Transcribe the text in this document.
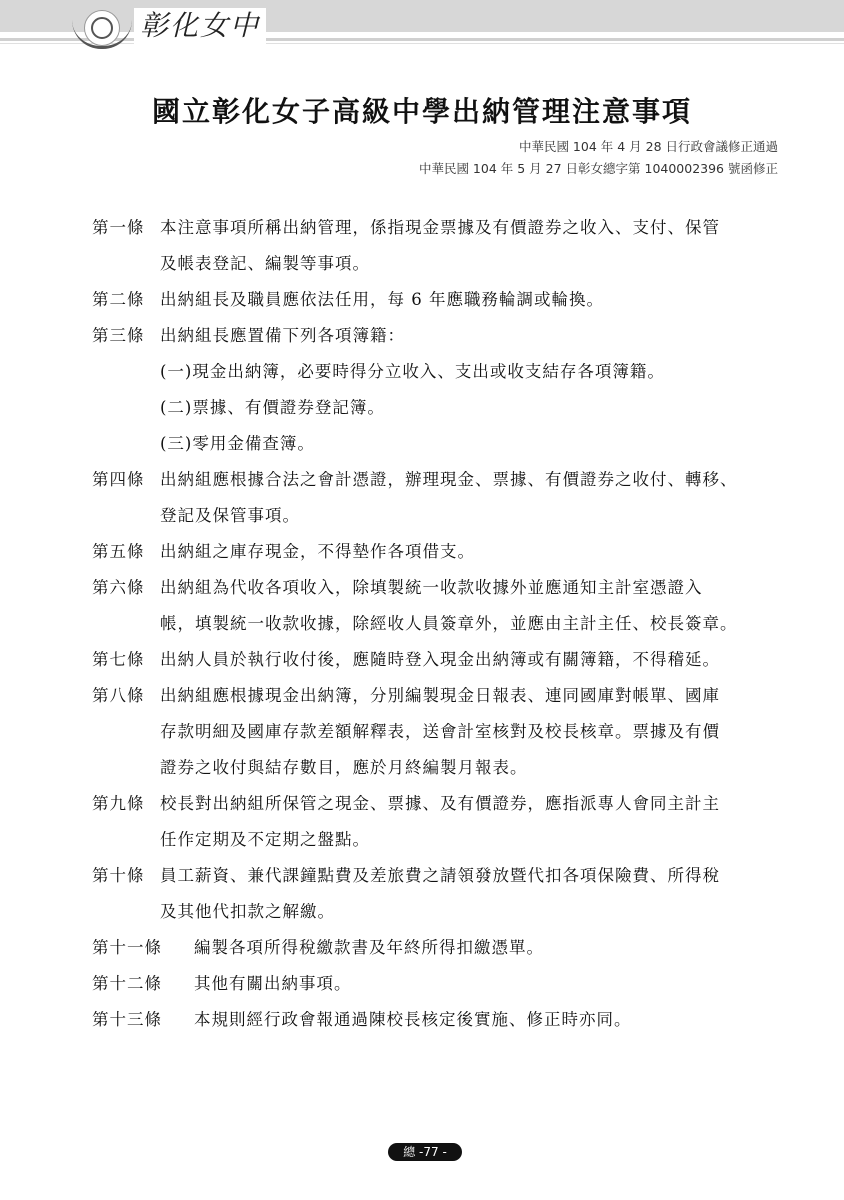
彰化女中
國立彰化女子高級中學出納管理注意事項
中華民國 104 年 4 月 28 日行政會議修正通過
中華民國 104 年 5 月 27 日彰女總字第 1040002396 號函修正
第一條 本注意事項所稱出納管理，係指現金票據及有價證券之收入、支付、保管
及帳表登記、編製等事項。
第二條 出納組長及職員應依法任用，每 6 年應職務輪調或輪換。
第三條 出納組長應置備下列各項簿籍：
(一)現金出納簿，必要時得分立收入、支出或收支結存各項簿籍。
(二)票據、有價證券登記簿。
(三)零用金備查簿。
第四條 出納組應根據合法之會計憑證，辦理現金、票據、有價證券之收付、轉移、
登記及保管事項。
第五條 出納組之庫存現金，不得墊作各項借支。
第六條 出納組為代收各項收入，除填製統一收款收據外並應通知主計室憑證入
帳，填製統一收款收據，除經收人員簽章外，並應由主計主任、校長簽章。
第七條 出納人員於執行收付後，應隨時登入現金出納簿或有關簿籍，不得稽延。
第八條 出納組應根據現金出納簿，分別編製現金日報表、連同國庫對帳單、國庫
存款明細及國庫存款差額解釋表，送會計室核對及校長核章。票據及有價
證券之收付與結存數目，應於月終編製月報表。
第九條 校長對出納組所保管之現金、票據、及有價證券，應指派專人會同主計主
任作定期及不定期之盤點。
第十條 員工薪資、兼代課鐘點費及差旅費之請領發放暨代扣各項保險費、所得稅
及其他代扣款之解繳。
第十一條 編製各項所得稅繳款書及年終所得扣繳憑單。
第十二條 其他有關出納事項。
第十三條 本規則經行政會報通過陳校長核定後實施、修正時亦同。
總 -77 -
